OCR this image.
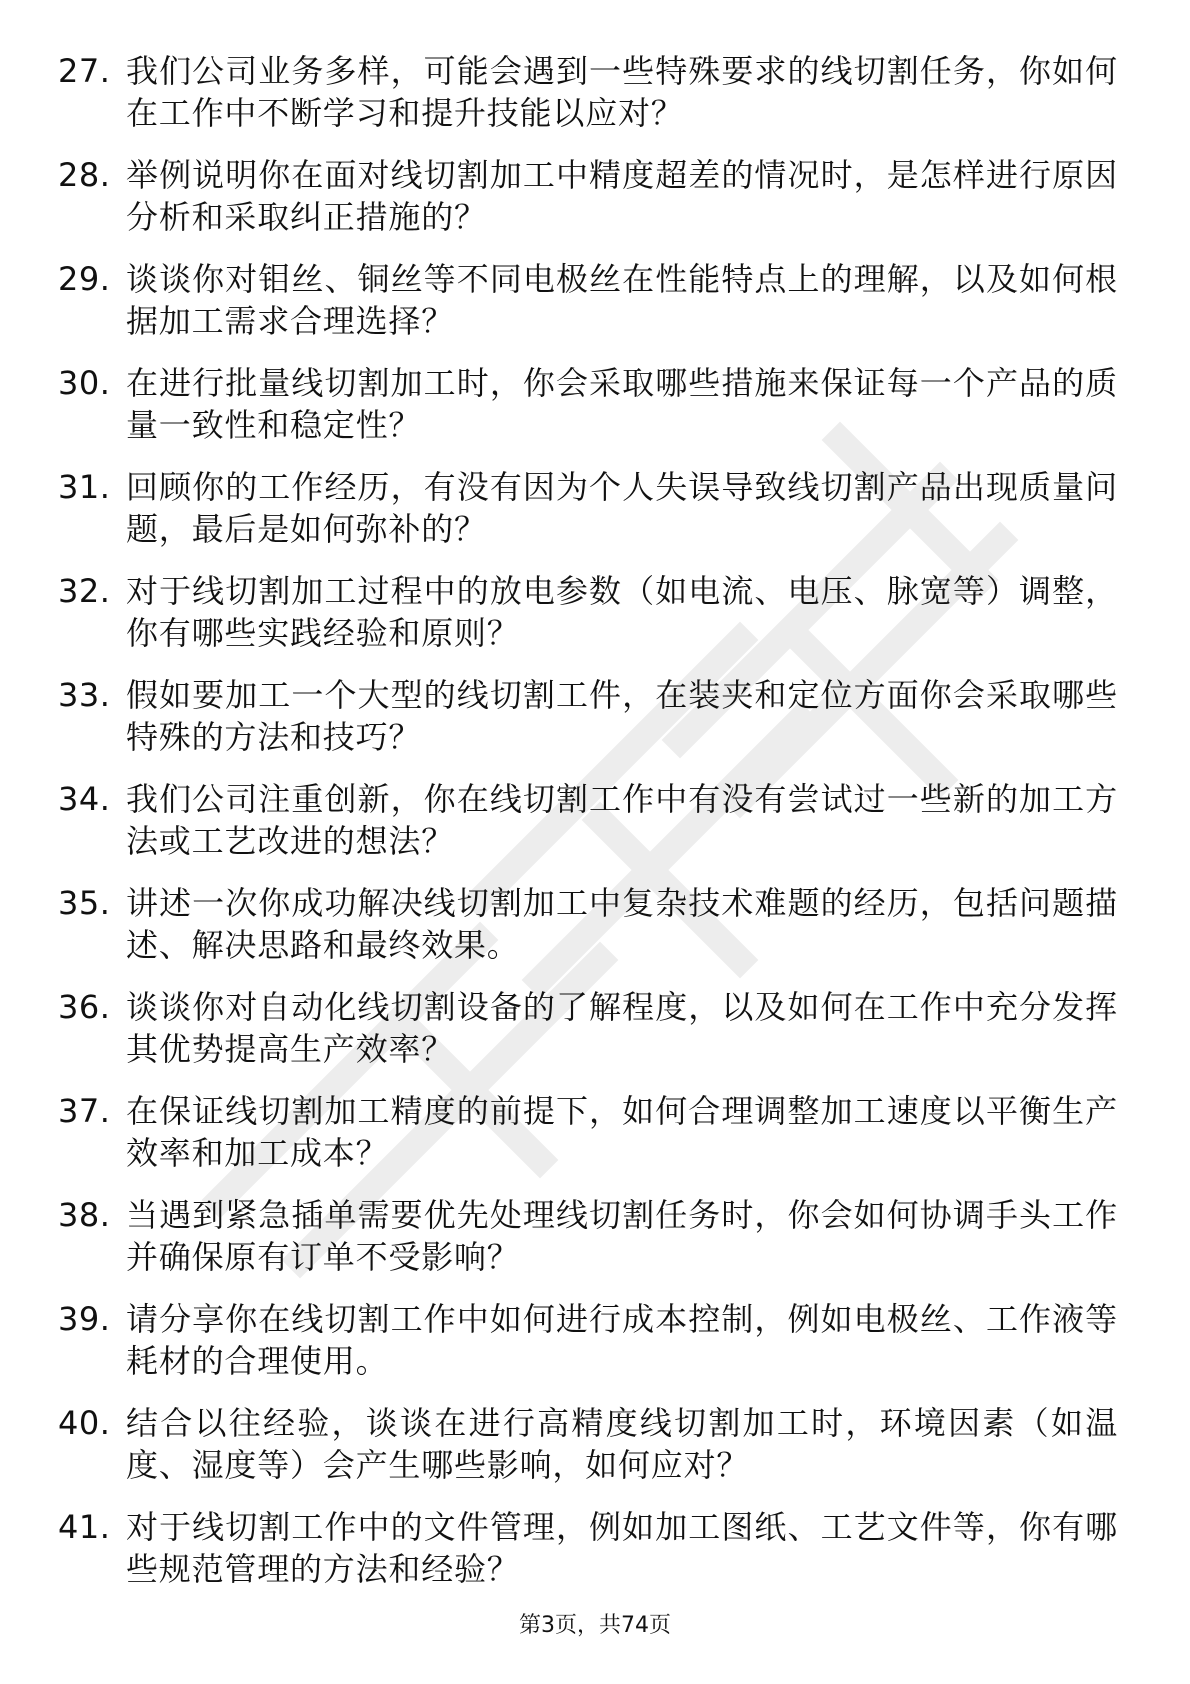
27. 我们公司业务多样，可能会遇到一些特殊要求的线切割任务，你如何在工作中不断学习和提升技能以应对？
28. 举例说明你在面对线切割加工中精度超差的情况时，是怎样进行原因分析和采取纠正措施的？
29. 谈谈你对钼丝、铜丝等不同电极丝在性能特点上的理解，以及如何根据加工需求合理选择？
30. 在进行批量线切割加工时，你会采取哪些措施来保证每一个产品的质量一致性和稳定性？
31. 回顾你的工作经历，有没有因为个人失误导致线切割产品出现质量问题，最后是如何弥补的？
32. 对于线切割加工过程中的放电参数（如电流、电压、脉宽等）调整，你有哪些实践经验和原则？
33. 假如要加工一个大型的线切割工件，在装夹和定位方面你会采取哪些特殊的方法和技巧？
34. 我们公司注重创新，你在线切割工作中有没有尝试过一些新的加工方法或工艺改进的想法？
35. 讲述一次你成功解决线切割加工中复杂技术难题的经历，包括问题描述、解决思路和最终效果。
36. 谈谈你对自动化线切割设备的了解程度，以及如何在工作中充分发挥其优势提高生产效率？
37. 在保证线切割加工精度的前提下，如何合理调整加工速度以平衡生产效率和加工成本？
38. 当遇到紧急插单需要优先处理线切割任务时，你会如何协调手头工作并确保原有订单不受影响？
39. 请分享你在线切割工作中如何进行成本控制，例如电极丝、工作液等耗材的合理使用。
40. 结合以往经验，谈谈在进行高精度线切割加工时，环境因素（如温度、湿度等）会产生哪些影响，如何应对？
41. 对于线切割工作中的文件管理，例如加工图纸、工艺文件等，你有哪些规范管理的方法和经验？
第3页，共74页
